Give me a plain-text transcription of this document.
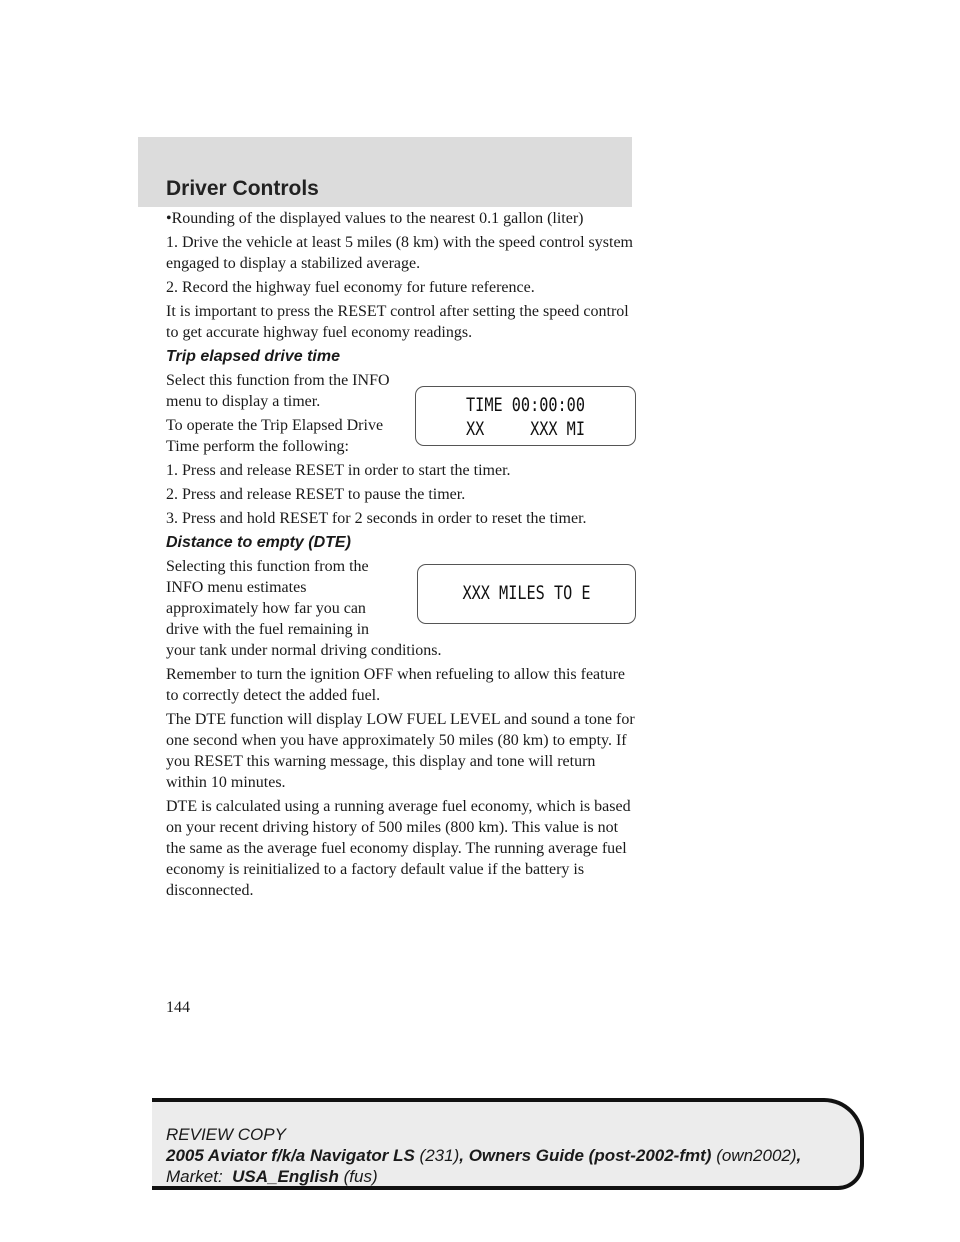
Driver Controls

•Rounding of the displayed values to the nearest 0.1 gallon (liter)

1. Drive the vehicle at least 5 miles (8 km) with the speed control system engaged to display a stabilized average.

2. Record the highway fuel economy for future reference.

It is important to press the RESET control after setting the speed control to get accurate highway fuel economy readings.

Trip elapsed drive time

TIME 00:00:00
XX     XXX MI

Select this function from the INFO menu to display a timer.

To operate the Trip Elapsed Drive Time perform the following:

1. Press and release RESET in order to start the timer.

2. Press and release RESET to pause the timer.

3. Press and hold RESET for 2 seconds in order to reset the timer.

Distance to empty (DTE)

XXX MILES TO E

Selecting this function from the INFO menu estimates approximately how far you can drive with the fuel remaining in your tank under normal driving conditions.

Remember to turn the ignition OFF when refueling to allow this feature to correctly detect the added fuel.

The DTE function will display LOW FUEL LEVEL and sound a tone for one second when you have approximately 50 miles (80 km) to empty. If you RESET this warning message, this display and tone will return within 10 minutes.

DTE is calculated using a running average fuel economy, which is based on your recent driving history of 500 miles (800 km). This value is not the same as the average fuel economy display. The running average fuel economy is reinitialized to a factory default value if the battery is disconnected.

144
REVIEW COPY
2005 Aviator f/k/a Navigator LS (231), Owners Guide (post-2002-fmt) (own2002),
Market: USA_English (fus)
